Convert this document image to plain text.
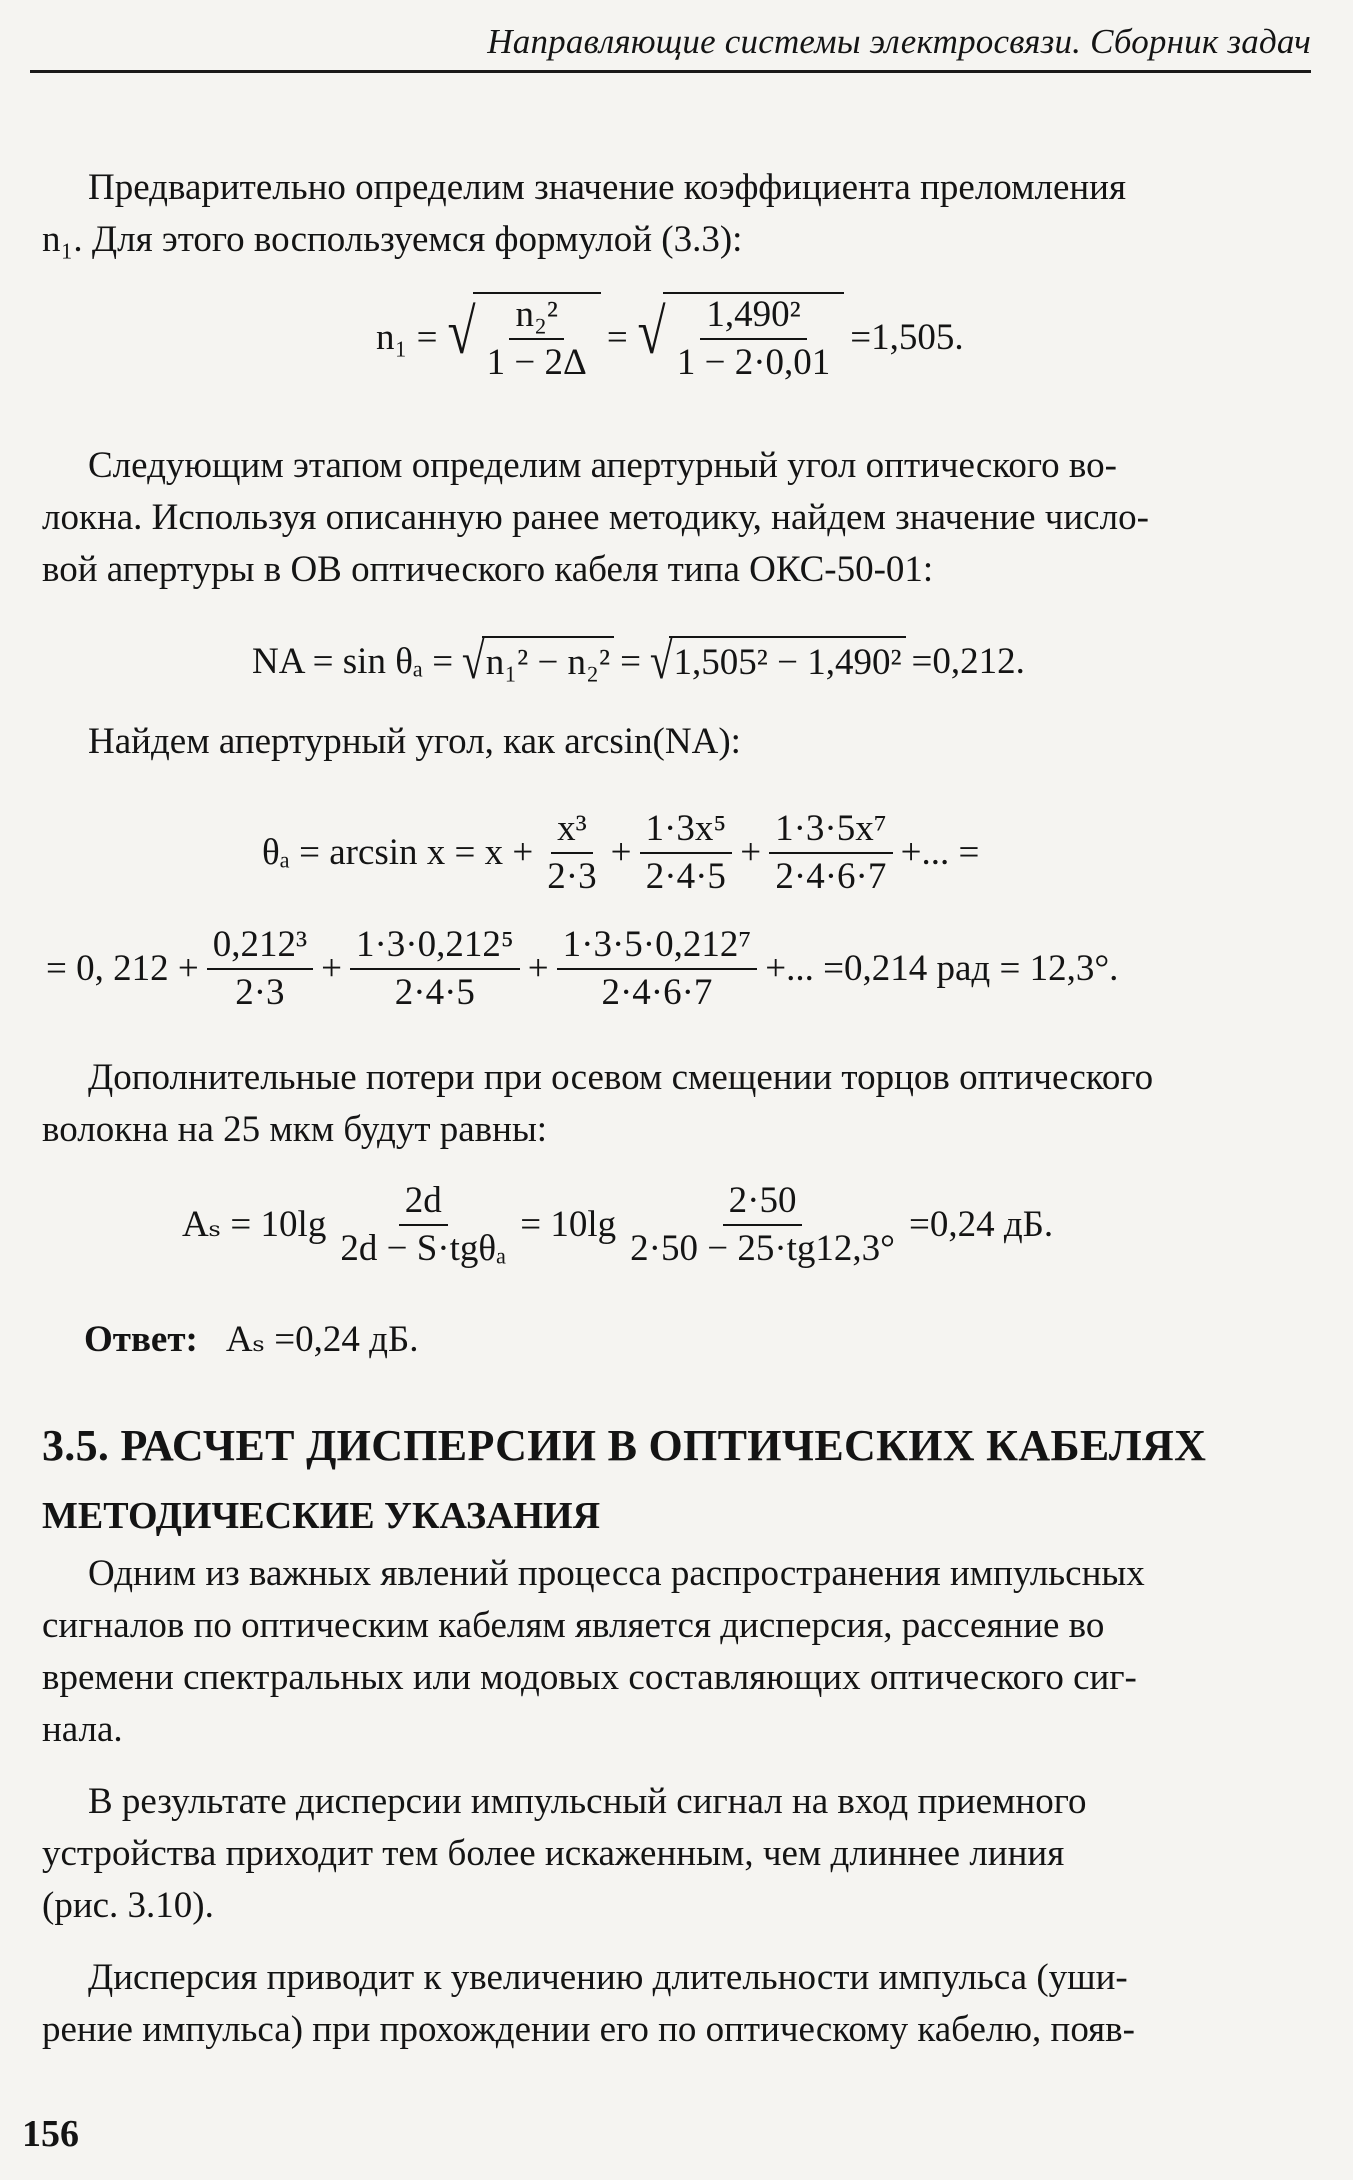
Направляющие системы электросвязи. Сборник задач

Предварительно определим значение коэффициента преломления
n₁. Для этого воспользуемся формулой (3.3):

n₁ = √ $\frac{\text{n₂²}}{1 - 2\Delta}$ = √ $\frac{\text{1,490²}}{1 - 2\cdot 0,01} =1,505$.

Следующим этапом определим апертурный угол оптического во-
локна. Используя описанную ранее методику, найдем значение число-
вой апертуры в ОВ оптического кабеля типа ОКС-50-01:

NA = sin θₐ = √ n₁² − n₂² = √ 1,505² − 1,490² =0,212.

Найдем апертурный угол, как arcsin(NA):

$\theta_a = \arcsin x = x + \frac{\text{x³}}{2\cdot 3} + \frac{\text{1·3x⁵}}{2\cdot 4\cdot 5} + \frac{\text{1·3·5x⁷}}{2\cdot 4\cdot 6\cdot 7}$ +... =
= 0, $212 + \frac{\text{0,212³}}{2\cdot 3} + \frac{\text{1·3·0,212⁵}}{2\cdot 4\cdot 5} + \frac{\text{1·3·5·0,212⁷}}{2\cdot 4\cdot 6\cdot 7}$ +... =0,214 рад = 12,3°.

Дополнительные потери при осевом смещении торцов оптического
волокна на 25 мкм будут равны:

$A_s = 10\lg \frac{2d}{\text{2d − S·tgθₐ}} = 10\lg \frac{2\cdot 50}{2\cdot 50 - 25\cdot tg12,3^\circ} =0,24$ дБ.
Ответ: Aₛ =0,24 дБ.
3.5. РАСЧЕТ ДИСПЕРСИИ В ОПТИЧЕСКИХ КАБЕЛЯХ
МЕТОДИЧЕСКИЕ УКАЗАНИЯ

Одним из важных явлений процесса распространения импульсных
сигналов по оптическим кабелям является дисперсия, рассеяние во
времени спектральных или модовых составляющих оптического сиг-
нала.

В результате дисперсии импульсный сигнал на вход приемного
устройства приходит тем более искаженным, чем длиннее линия
(рис. 3.10).

Дисперсия приводит к увеличению длительности импульса (уши-
рение импульса) при прохождении его по оптическому кабелю, появ-

156
